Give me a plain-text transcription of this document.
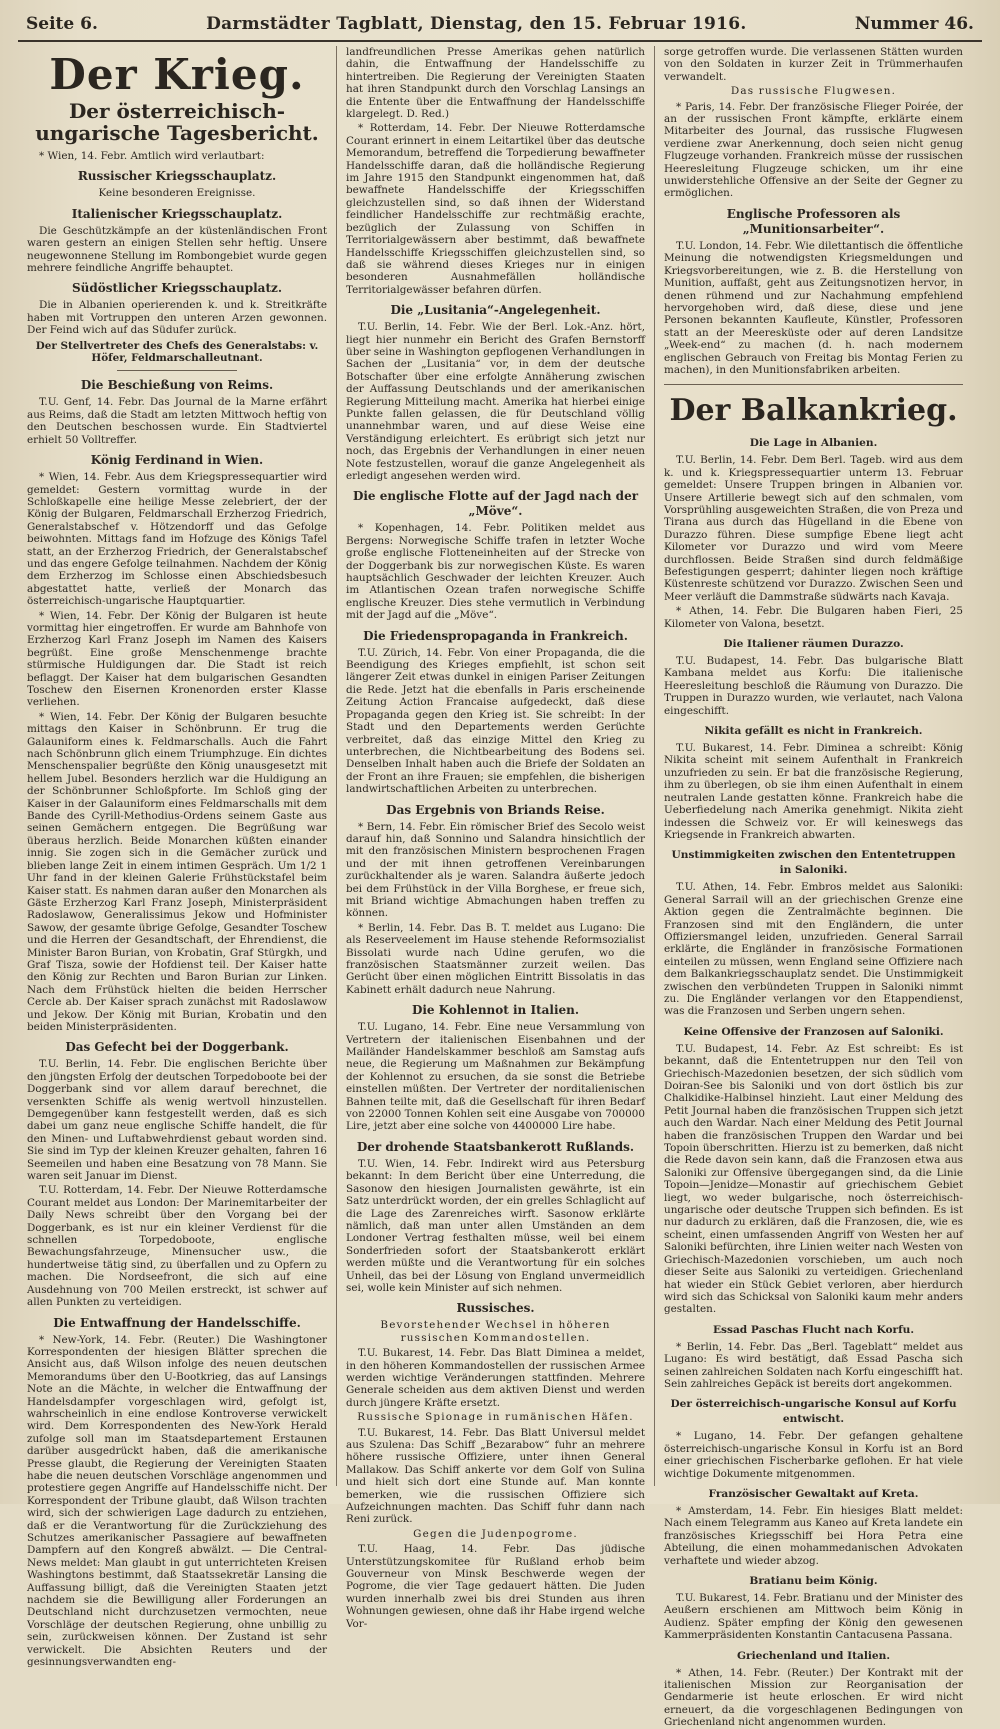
Seite 6.	Darmstädter Tagblatt, Dienstag, den 15. Februar 1916.	Nummer 46.
Der Krieg.
Der österreichisch-ungarische Tagesbericht.

* Wien, 14. Febr. Amtlich wird verlautbart:

Russischer Kriegsschauplatz.
Keine besonderen Ereignisse.
Italienischer Kriegsschauplatz.

Die Geschützkämpfe an der küstenländischen Front waren gestern an einigen Stellen sehr heftig. Unsere neugewonnene Stellung im Rombongebiet wurde gegen mehrere feindliche Angriffe behauptet.

Südöstlicher Kriegsschauplatz.

Die in Albanien operierenden k. und k. Streitkräfte haben mit Vortruppen den unteren Arzen gewonnen. Der Feind wich auf das Südufer zurück.

Der Stellvertreter des Chefs des Generalstabs: v. Höfer, Feldmarschalleutnant.
Die Beschießung von Reims.

T.U. Genf, 14. Febr. Das Journal de la Marne erfährt aus Reims, daß die Stadt am letzten Mittwoch heftig von den Deutschen beschossen wurde. Ein Stadtviertel erhielt 50 Volltreffer.

König Ferdinand in Wien.

* Wien, 14. Febr. Aus dem Kriegspressequartier wird gemeldet: Gestern vormittag wurde in der Schloßkapelle eine heilige Messe zelebriert, der der König der Bulgaren, Feldmarschall Erzherzog Friedrich, Generalstabschef v. Hötzendorff und das Gefolge beiwohnten. Mittags fand im Hofzuge des Königs Tafel statt, an der Erzherzog Friedrich, der Generalstabschef und das engere Gefolge teilnahmen. Nachdem der König dem Erzherzog im Schlosse einen Abschiedsbesuch abgestattet hatte, verließ der Monarch das österreichisch-ungarische Hauptquartier.

* Wien, 14. Febr. Der König der Bulgaren ist heute vormittag hier eingetroffen. Er wurde am Bahnhofe von Erzherzog Karl Franz Joseph im Namen des Kaisers begrüßt. Eine große Menschenmenge brachte stürmische Huldigungen dar. Die Stadt ist reich beflaggt. Der Kaiser hat dem bulgarischen Gesandten Toschew den Eisernen Kronenorden erster Klasse verliehen.

* Wien, 14. Febr. Der König der Bulgaren besuchte mittags den Kaiser in Schönbrunn. Er trug die Galauniform eines k. Feldmarschalls. Auch die Fahrt nach Schönbrunn glich einem Triumphzuge. Ein dichtes Menschenspalier begrüßte den König unausgesetzt mit hellem Jubel. Besonders herzlich war die Huldigung an der Schönbrunner Schloßpforte. Im Schloß ging der Kaiser in der Galauniform eines Feldmarschalls mit dem Bande des Cyrill-Methodius-Ordens seinem Gaste aus seinen Gemächern entgegen. Die Begrüßung war überaus herzlich. Beide Monarchen küßten einander innig. Sie zogen sich in die Gemächer zurück und blieben lange Zeit in einem intimen Gespräch. Um 1/2 1 Uhr fand in der kleinen Galerie Frühstückstafel beim Kaiser statt. Es nahmen daran außer den Monarchen als Gäste Erzherzog Karl Franz Joseph, Ministerpräsident Radoslawow, Generalissimus Jekow und Hofminister Sawow, der gesamte übrige Gefolge, Gesandter Toschew und die Herren der Gesandtschaft, der Ehrendienst, die Minister Baron Burian, von Krobatin, Graf Stürgkh, und Graf Tisza, sowie der Hofdienst teil. Der Kaiser hatte den König zur Rechten und Baron Burian zur Linken. Nach dem Frühstück hielten die beiden Herrscher Cercle ab. Der Kaiser sprach zunächst mit Radoslawow und Jekow. Der König mit Burian, Krobatin und den beiden Ministerpräsidenten.

Das Gefecht bei der Doggerbank.

T.U. Berlin, 14. Febr. Die englischen Berichte über den jüngsten Erfolg der deutschen Torpedoboote bei der Doggerbank sind vor allem darauf berechnet, die versenkten Schiffe als wenig wertvoll hinzustellen. Demgegenüber kann festgestellt werden, daß es sich dabei um ganz neue englische Schiffe handelt, die für den Minen- und Luftabwehrdienst gebaut worden sind. Sie sind im Typ der kleinen Kreuzer gehalten, fahren 16 Seemeilen und haben eine Besatzung von 78 Mann. Sie waren seit Januar im Dienst.

T.U. Rotterdam, 14. Febr. Der Nieuwe Rotterdamsche Courant meldet aus London: Der Marinemitarbeiter der Daily News schreibt über den Vorgang bei der Doggerbank, es ist nur ein kleiner Verdienst für die schnellen Torpedoboote, englische Bewachungsfahrzeuge, Minensucher usw., die hundertweise tätig sind, zu überfallen und zu Opfern zu machen. Die Nordseefront, die sich auf eine Ausdehnung von 700 Meilen erstreckt, ist schwer auf allen Punkten zu verteidigen.

Die Entwaffnung der Handelsschiffe.

* New-York, 14. Febr. (Reuter.) Die Washingtoner Korrespondenten der hiesigen Blätter sprechen die Ansicht aus, daß Wilson infolge des neuen deutschen Memorandums über den U-Bootkrieg, das auf Lansings Note an die Mächte, in welcher die Entwaffnung der Handelsdampfer vorgeschlagen wird, gefolgt ist, wahrscheinlich in eine endlose Kontroverse verwickelt wird. Dem Korrespondenten des New-York Herald zufolge soll man im Staatsdepartement Erstaunen darüber ausgedrückt haben, daß die amerikanische Presse glaubt, die Regierung der Vereinigten Staaten habe die neuen deutschen Vorschläge angenommen und protestiere gegen Angriffe auf Handelsschiffe nicht. Der Korrespondent der Tribune glaubt, daß Wilson trachten wird, sich der schwierigen Lage dadurch zu entziehen, daß er die Verantwortung für die Zurückziehung des Schutzes amerikanischer Passagiere auf bewaffneten Dampfern auf den Kongreß abwälzt. — Die Central-News meldet: Man glaubt in gut unterrichteten Kreisen Washingtons bestimmt, daß Staatssekretär Lansing die Auffassung billigt, daß die Vereinigten Staaten jetzt nachdem sie die Bewilligung aller Forderungen an Deutschland nicht durchzusetzen vermochten, neue Vorschläge der deutschen Regierung, ohne unbillig zu sein, zurückweisen können. Der Zustand ist sehr verwickelt. Die Absichten Reuters und der gesinnungsverwandten eng-

landfreundlichen Presse Amerikas gehen natürlich dahin, die Entwaffnung der Handelsschiffe zu hintertreiben. Die Regierung der Vereinigten Staaten hat ihren Standpunkt durch den Vorschlag Lansings an die Entente über die Entwaffnung der Handelsschiffe klargelegt. D. Red.)

* Rotterdam, 14. Febr. Der Nieuwe Rotterdamsche Courant erinnert in einem Leitartikel über das deutsche Memorandum, betreffend die Torpedierung bewaffneter Handelsschiffe daran, daß die holländische Regierung im Jahre 1915 den Standpunkt eingenommen hat, daß bewaffnete Handelsschiffe der Kriegsschiffen gleichzustellen sind, so daß ihnen der Widerstand feindlicher Handelsschiffe zur rechtmäßig erachte, bezüglich der Zulassung von Schiffen in Territorialgewässern aber bestimmt, daß bewaffnete Handelsschiffe Kriegsschiffen gleichzustellen sind, so daß sie während dieses Krieges nur in einigen besonderen Ausnahmefällen holländische Territorialgewässer befahren dürfen.

Die „Lusitania“-Angelegenheit.

T.U. Berlin, 14. Febr. Wie der Berl. Lok.-Anz. hört, liegt hier nunmehr ein Bericht des Grafen Bernstorff über seine in Washington gepflogenen Verhandlungen in Sachen der „Lusitania“ vor, in dem der deutsche Botschafter über eine erfolgte Annäherung zwischen der Auffassung Deutschlands und der amerikanischen Regierung Mitteilung macht. Amerika hat hierbei einige Punkte fallen gelassen, die für Deutschland völlig unannehmbar waren, und auf diese Weise eine Verständigung erleichtert. Es erübrigt sich jetzt nur noch, das Ergebnis der Verhandlungen in einer neuen Note festzustellen, worauf die ganze Angelegenheit als erledigt angesehen werden wird.

Die englische Flotte auf der Jagd nach der „Möve“.

* Kopenhagen, 14. Febr. Politiken meldet aus Bergens: Norwegische Schiffe trafen in letzter Woche große englische Flotteneinheiten auf der Strecke von der Doggerbank bis zur norwegischen Küste. Es waren hauptsächlich Geschwader der leichten Kreuzer. Auch im Atlantischen Ozean trafen norwegische Schiffe englische Kreuzer. Dies stehe vermutlich in Verbindung mit der Jagd auf die „Möve“.

Die Friedenspropaganda in Frankreich.

T.U. Zürich, 14. Febr. Von einer Propaganda, die die Beendigung des Krieges empfiehlt, ist schon seit längerer Zeit etwas dunkel in einigen Pariser Zeitungen die Rede. Jetzt hat die ebenfalls in Paris erscheinende Zeitung Action Francaise aufgedeckt, daß diese Propaganda gegen den Krieg ist. Sie schreibt: In der Stadt und den Departements werden Gerüchte verbreitet, daß das einzige Mittel den Krieg zu unterbrechen, die Nichtbearbeitung des Bodens sei. Denselben Inhalt haben auch die Briefe der Soldaten an der Front an ihre Frauen; sie empfehlen, die bisherigen landwirtschaftlichen Arbeiten zu unterbrechen.

Das Ergebnis von Briands Reise.

* Bern, 14. Febr. Ein römischer Brief des Secolo weist darauf hin, daß Sonnino und Salandra hinsichtlich der mit den französischen Ministern besprochenen Fragen und der mit ihnen getroffenen Vereinbarungen zurückhaltender als je waren. Salandra äußerte jedoch bei dem Frühstück in der Villa Borghese, er freue sich, mit Briand wichtige Abmachungen haben treffen zu können.

* Berlin, 14. Febr. Das B. T. meldet aus Lugano: Die als Reserveelement im Hause stehende Reformsozialist Bissolati wurde nach Udine gerufen, wo die französischen Staatsmänner zurzeit weilen. Das Gerücht über einen möglichen Eintritt Bissolatis in das Kabinett erhält dadurch neue Nahrung.

Die Kohlennot in Italien.

T.U. Lugano, 14. Febr. Eine neue Versammlung von Vertretern der italienischen Eisenbahnen und der Mailänder Handelskammer beschloß am Samstag aufs neue, die Regierung um Maßnahmen zur Bekämpfung der Kohlennot zu ersuchen, da sie sonst die Betriebe einstellen müßten. Der Vertreter der norditalienischen Bahnen teilte mit, daß die Gesellschaft für ihren Bedarf von 22000 Tonnen Kohlen seit eine Ausgabe von 700000 Lire, jetzt aber eine solche von 4400000 Lire habe.

Der drohende Staatsbankerott Rußlands.

T.U. Wien, 14. Febr. Indirekt wird aus Petersburg bekannt: In dem Bericht über eine Unterredung, die Sasonow den hiesigen Journalisten gewährte, ist ein Satz unterdrückt worden, der ein grelles Schlaglicht auf die Lage des Zarenreiches wirft. Sasonow erklärte nämlich, daß man unter allen Umständen an dem Londoner Vertrag festhalten müsse, weil bei einem Sonderfrieden sofort der Staatsbankerott erklärt werden müßte und die Verantwortung für ein solches Unheil, das bei der Lösung von England unvermeidlich sei, wolle kein Minister auf sich nehmen.

Russisches.
Bevorstehender Wechsel in höheren russischen Kommandostellen.

T.U. Bukarest, 14. Febr. Das Blatt Diminea a meldet, in den höheren Kommandostellen der russischen Armee werden wichtige Veränderungen stattfinden. Mehrere Generale scheiden aus dem aktiven Dienst und werden durch jüngere Kräfte ersetzt.

Russische Spionage in rumänischen Häfen.

T.U. Bukarest, 14. Febr. Das Blatt Universul meldet aus Szulena: Das Schiff „Bezarabow“ fuhr an mehrere höhere russische Offiziere, unter ihnen General Mallakow. Das Schiff ankerte vor dem Golf von Sulina und hielt sich dort eine Stunde auf. Man konnte bemerken, wie die russischen Offiziere sich Aufzeichnungen machten. Das Schiff fuhr dann nach Reni zurück.

Gegen die Judenpogrome.

T.U. Haag, 14. Febr. Das jüdische Unterstützungskomitee für Rußland erhob beim Gouverneur von Minsk Beschwerde wegen der Pogrome, die vier Tage gedauert hätten. Die Juden wurden innerhalb zwei bis drei Stunden aus ihren Wohnungen gewiesen, ohne daß ihr Habe irgend welche Vor-

sorge getroffen wurde. Die verlassenen Stätten wurden von den Soldaten in kurzer Zeit in Trümmerhaufen verwandelt.

Das russische Flugwesen.

* Paris, 14. Febr. Der französische Flieger Poirée, der an der russischen Front kämpfte, erklärte einem Mitarbeiter des Journal, das russische Flugwesen verdiene zwar Anerkennung, doch seien nicht genug Flugzeuge vorhanden. Frankreich müsse der russischen Heeresleitung Flugzeuge schicken, um ihr eine unwiderstehliche Offensive an der Seite der Gegner zu ermöglichen.

Englische Professoren als „Munitionsarbeiter“.

T.U. London, 14. Febr. Wie dilettantisch die öffentliche Meinung die notwendigsten Kriegsmeldungen und Kriegsvorbereitungen, wie z. B. die Herstellung von Munition, auffaßt, geht aus Zeitungsnotizen hervor, in denen rühmend und zur Nachahmung empfehlend hervorgehoben wird, daß diese, diese und jene Personen bekannten Kaufleute, Künstler, Professoren statt an der Meeresküste oder auf deren Landsitze „Week-end“ zu machen (d. h. nach modernem englischen Gebrauch von Freitag bis Montag Ferien zu machen), in den Munitionsfabriken arbeiten.

Der Balkankrieg.
Die Lage in Albanien.

T.U. Berlin, 14. Febr. Dem Berl. Tageb. wird aus dem k. und k. Kriegspressequartier unterm 13. Februar gemeldet: Unsere Truppen bringen in Albanien vor. Unsere Artillerie bewegt sich auf den schmalen, vom Vorsprühling ausgeweichten Straßen, die von Preza und Tirana aus durch das Hügelland in die Ebene von Durazzo führen. Diese sumpfige Ebene liegt acht Kilometer vor Durazzo und wird vom Meere durchflossen. Beide Straßen sind durch feldmäßige Befestigungen gesperrt; dahinter liegen noch kräftige Küstenreste schützend vor Durazzo. Zwischen Seen und Meer verläuft die Dammstraße südwärts nach Kavaja.

* Athen, 14. Febr. Die Bulgaren haben Fieri, 25 Kilometer von Valona, besetzt.

Die Italiener räumen Durazzo.

T.U. Budapest, 14. Febr. Das bulgarische Blatt Kambana meldet aus Korfu: Die italienische Heeresleitung beschloß die Räumung von Durazzo. Die Truppen in Durazzo wurden, wie verlautet, nach Valona eingeschifft.

Nikita gefällt es nicht in Frankreich.

T.U. Bukarest, 14. Febr. Diminea a schreibt: König Nikita scheint mit seinem Aufenthalt in Frankreich unzufrieden zu sein. Er bat die französische Regierung, ihm zu überlegen, ob sie ihm einen Aufenthalt in einem neutralen Lande gestatten könne. Frankreich habe die Ueberfiedelung nach Amerika genehmigt. Nikita zieht indessen die Schweiz vor. Er will keineswegs das Kriegsende in Frankreich abwarten.

Unstimmigkeiten zwischen den Ententetruppen in Saloniki.

T.U. Athen, 14. Febr. Embros meldet aus Saloniki: General Sarrail will an der griechischen Grenze eine Aktion gegen die Zentralmächte beginnen. Die Franzosen sind mit den Engländern, die unter Offiziersmangel leiden, unzufrieden. General Sarrail erklärte, die Engländer in französische Formationen einteilen zu müssen, wenn England seine Offiziere nach dem Balkankriegsschauplatz sendet. Die Unstimmigkeit zwischen den verbündeten Truppen in Saloniki nimmt zu. Die Engländer verlangen vor den Etappendienst, was die Franzosen und Serben ungern sehen.

Keine Offensive der Franzosen auf Saloniki.

T.U. Budapest, 14. Febr. Az Est schreibt: Es ist bekannt, daß die Ententetruppen nur den Teil von Griechisch-Mazedonien besetzen, der sich südlich vom Doiran-See bis Saloniki und von dort östlich bis zur Chalkidike-Halbinsel hinzieht. Laut einer Meldung des Petit Journal haben die französischen Truppen sich jetzt auch den Wardar. Nach einer Meldung des Petit Journal haben die französischen Truppen den Wardar und bei Topoin überschritten. Hierzu ist zu bemerken, daß nicht die Rede davon sein kann, daß die Franzosen etwa aus Saloniki zur Offensive übergegangen sind, da die Linie Topoin—Jenidze—Monastir auf griechischem Gebiet liegt, wo weder bulgarische, noch österreichisch-ungarische oder deutsche Truppen sich befinden. Es ist nur dadurch zu erklären, daß die Franzosen, die, wie es scheint, einen umfassenden Angriff von Westen her auf Saloniki befürchten, ihre Linien weiter nach Westen von Griechisch-Mazedonien vorschieben, um auch noch dieser Seite aus Saloniki zu verteidigen. Griechenland hat wieder ein Stück Gebiet verloren, aber hierdurch wird sich das Schicksal von Saloniki kaum mehr anders gestalten.

Essad Paschas Flucht nach Korfu.

* Berlin, 14. Febr. Das „Berl. Tageblatt“ meldet aus Lugano: Es wird bestätigt, daß Essad Pascha sich seinen zahlreichen Soldaten nach Korfu eingeschifft hat. Sein zahlreiches Gepäck ist bereits dort angekommen.

Der österreichisch-ungarische Konsul auf Korfu entwischt.

* Lugano, 14. Febr. Der gefangen gehaltene österreichisch-ungarische Konsul in Korfu ist an Bord einer griechischen Fischerbarke geflohen. Er hat viele wichtige Dokumente mitgenommen.

Französischer Gewaltakt auf Kreta.

* Amsterdam, 14. Febr. Ein hiesiges Blatt meldet: Nach einem Telegramm aus Kaneo auf Kreta landete ein französisches Kriegsschiff bei Hora Petra eine Abteilung, die einen mohammedanischen Advokaten verhaftete und wieder abzog.

Bratianu beim König.

T.U. Bukarest, 14. Febr. Bratianu und der Minister des Aeußern erschienen am Mittwoch beim König in Audienz. Später empfing der König den gewesenen Kammerpräsidenten Konstantin Cantacusena Passana.

Griechenland und Italien.

* Athen, 14. Febr. (Reuter.) Der Kontrakt mit der italienischen Mission zur Reorganisation der Gendarmerie ist heute erloschen. Er wird nicht erneuert, da die vorgeschlagenen Bedingungen von Griechenland nicht angenommen wurden.
